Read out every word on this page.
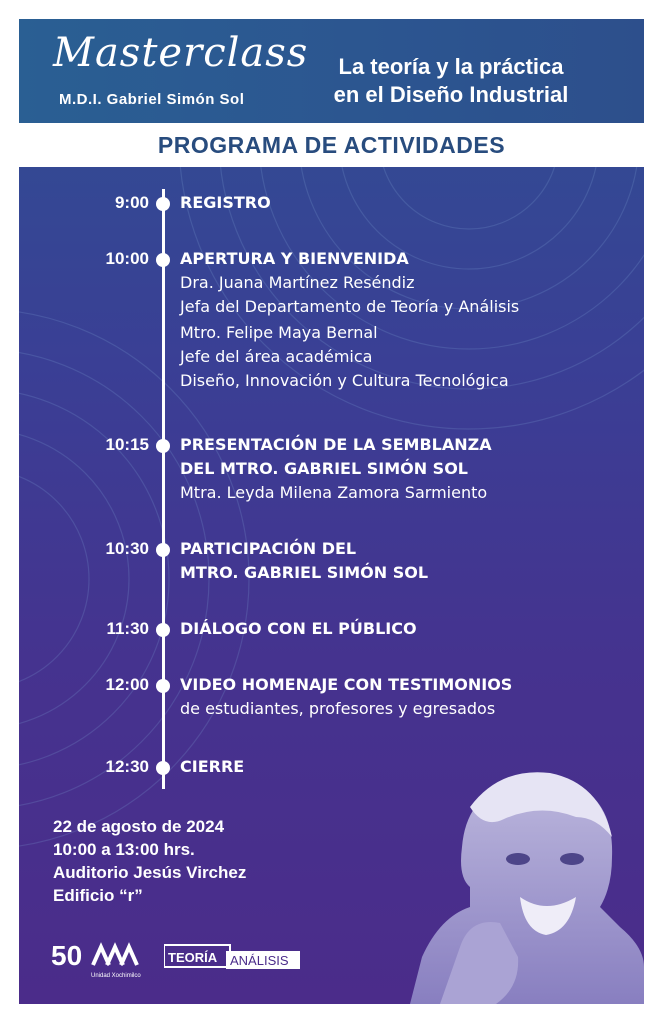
Masterclass
M.D.I. Gabriel Simón Sol
La teoría y la práctica
en el Diseño Industrial
PROGRAMA DE ACTIVIDADES
9:00 REGISTRO
10:00 APERTURA Y BIENVENIDA
Dra. Juana Martínez Reséndiz
Jefa del Departamento de Teoría y Análisis
Mtro. Felipe Maya Bernal
Jefe del área académica
Diseño, Innovación y Cultura Tecnológica
10:15 PRESENTACIÓN DE LA SEMBLANZA
DEL MTRO. GABRIEL SIMÓN SOL
Mtra. Leyda Milena Zamora Sarmiento
10:30 PARTICIPACIÓN DEL
MTRO. GABRIEL SIMÓN SOL
11:30 DIÁLOGO CON EL PÚBLICO
12:00 VIDEO HOMENAJE CON TESTIMONIOS
de estudiantes, profesores y egresados
12:30 CIERRE
22 de agosto de 2024
10:00 a 13:00 hrs.
Auditorio Jesús Virchez
Edificio “r”
50
Unidad Xochimilco
TEORÍA ANÁLISIS
